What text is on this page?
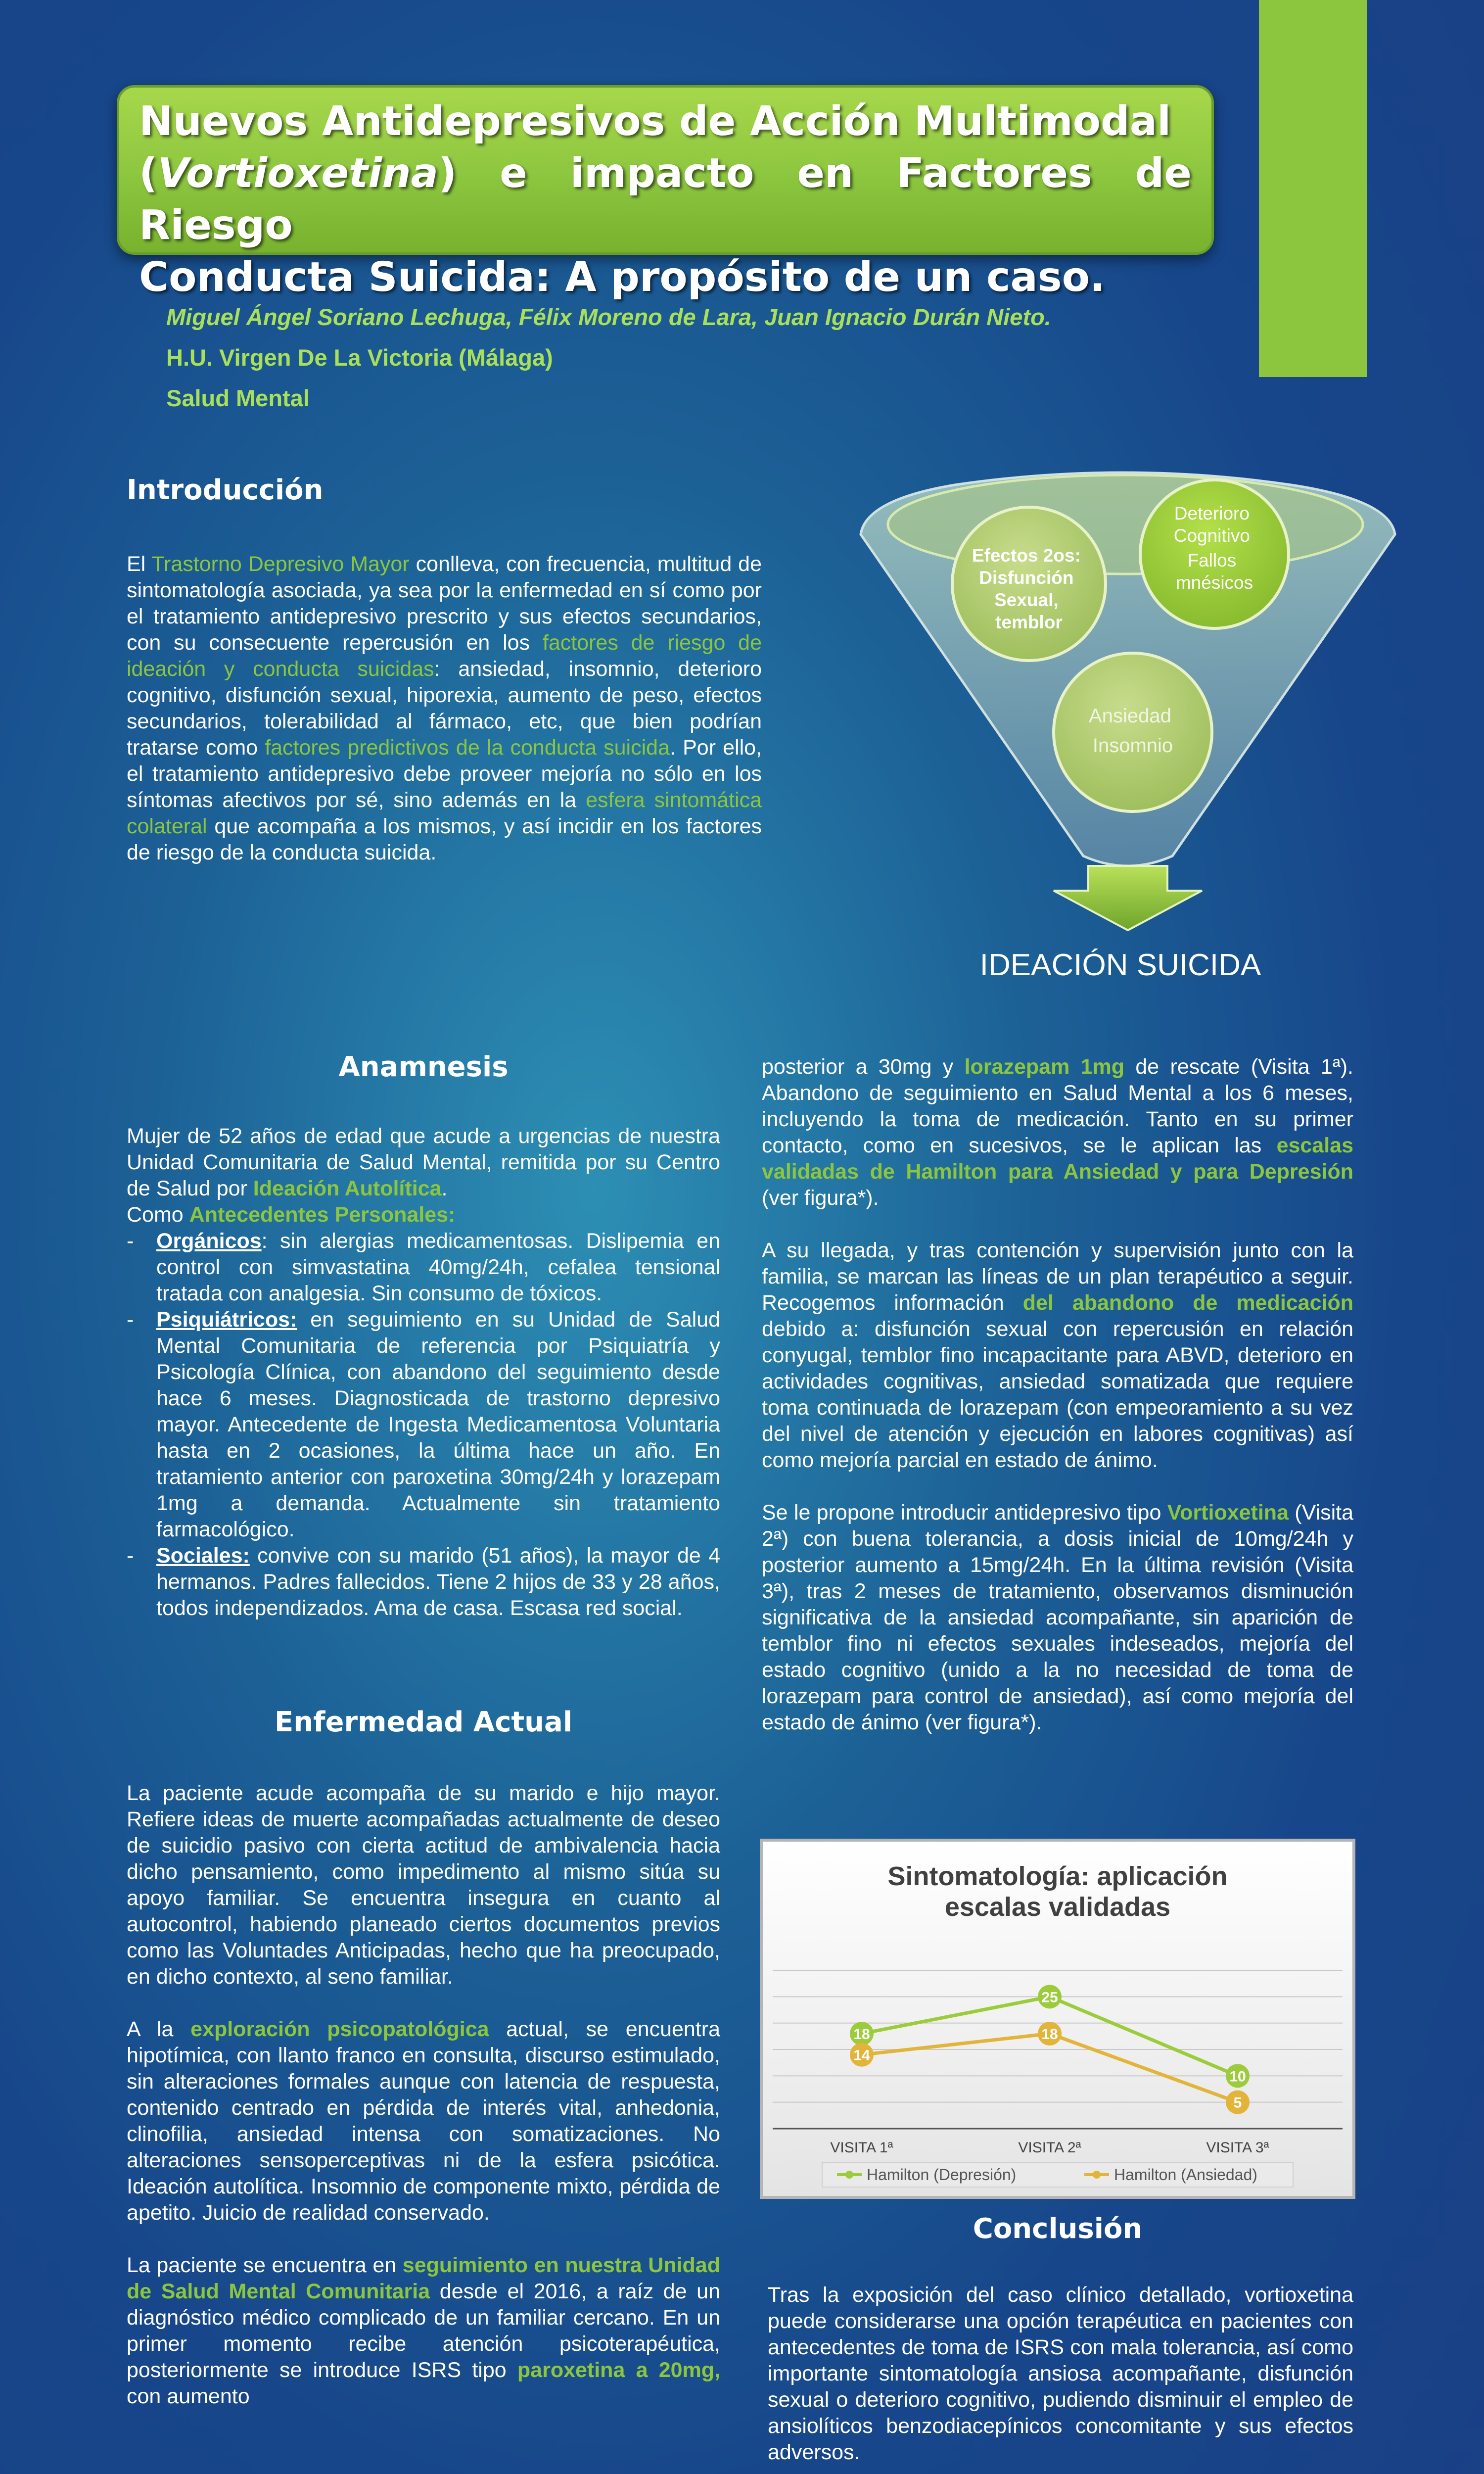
Nuevos Antidepresivos de Acción Multimodal
(Vortioxetina) e impacto en Factores de Riesgo
Conducta Suicida: A propósito de un caso.
Miguel Ángel Soriano Lechuga, Félix Moreno de Lara, Juan Ignacio Durán Nieto.
H.U. Virgen De La Victoria (Málaga)
Salud Mental
Introducción
El Trastorno Depresivo Mayor conlleva, con frecuencia, multitud de sintomatología asociada, ya sea por la enfermedad en sí como por el tratamiento antidepresivo prescrito y sus efectos secundarios, con su consecuente repercusión en los factores de riesgo de ideación y conducta suicidas: ansiedad, insomnio, deterioro cognitivo, disfunción sexual, hiporexia, aumento de peso, efectos secundarios, tolerabilidad al fármaco, etc, que bien podrían tratarse como factores predictivos de la conducta suicida. Por ello, el tratamiento antidepresivo debe proveer mejoría no sólo en los síntomas afectivos por sé, sino además en la esfera sintomática colateral que acompaña a los mismos, y así incidir en los factores de riesgo de la conducta suicida.
Efectos 2os: Disfunción Sexual, temblor
Deterioro Cognitivo Fallos mnésicos
Ansiedad Insomnio
IDEACIÓN SUICIDA
Anamnesis

Mujer de 52 años de edad que acude a urgencias de nuestra Unidad Comunitaria de Salud Mental, remitida por su Centro de Salud por Ideación Autolítica.

Como Antecedentes Personales:

- Orgánicos: sin alergias medicamentosas. Dislipemia en control con simvastatina 40mg/24h, cefalea tensional tratada con analgesia. Sin consumo de tóxicos.
- Psiquiátricos: en seguimiento en su Unidad de Salud Mental Comunitaria de referencia por Psiquiatría y Psicología Clínica, con abandono del seguimiento desde hace 6 meses. Diagnosticada de trastorno depresivo mayor. Antecedente de Ingesta Medicamentosa Voluntaria hasta en 2 ocasiones, la última hace un año. En tratamiento anterior con paroxetina 30mg/24h y lorazepam 1mg a demanda. Actualmente sin tratamiento farmacológico.
- Sociales: convive con su marido (51 años), la mayor de 4 hermanos. Padres fallecidos. Tiene 2 hijos de 33 y 28 años, todos independizados. Ama de casa. Escasa red social.
Enfermedad Actual

La paciente acude acompaña de su marido e hijo mayor. Refiere ideas de muerte acompañadas actualmente de deseo de suicidio pasivo con cierta actitud de ambivalencia hacia dicho pensamiento, como impedimento al mismo sitúa su apoyo familiar. Se encuentra insegura en cuanto al autocontrol, habiendo planeado ciertos documentos previos como las Voluntades Anticipadas, hecho que ha preocupado, en dicho contexto, al seno familiar.

A la exploración psicopatológica actual, se encuentra hipotímica, con llanto franco en consulta, discurso estimulado, sin alteraciones formales aunque con latencia de respuesta, contenido centrado en pérdida de interés vital, anhedonia, clinofilia, ansiedad intensa con somatizaciones. No alteraciones sensoperceptivas ni de la esfera psicótica. Ideación autolítica. Insomnio de componente mixto, pérdida de apetito. Juicio de realidad conservado.

La paciente se encuentra en seguimiento en nuestra Unidad de Salud Mental Comunitaria desde el 2016, a raíz de un diagnóstico médico complicado de un familiar cercano. En un primer momento recibe atención psicoterapéutica, posteriormente se introduce ISRS tipo paroxetina a 20mg, con aumento

posterior a 30mg y lorazepam 1mg de rescate (Visita 1ª). Abandono de seguimiento en Salud Mental a los 6 meses, incluyendo la toma de medicación. Tanto en su primer contacto, como en sucesivos, se le aplican las escalas validadas de Hamilton para Ansiedad y para Depresión (ver figura*).

A su llegada, y tras contención y supervisión junto con la familia, se marcan las líneas de un plan terapéutico a seguir. Recogemos información del abandono de medicación debido a: disfunción sexual con repercusión en relación conyugal, temblor fino incapacitante para ABVD, deterioro en actividades cognitivas, ansiedad somatizada que requiere toma continuada de lorazepam (con empeoramiento a su vez del nivel de atención y ejecución en labores cognitivas) así como mejoría parcial en estado de ánimo.

Se le propone introducir antidepresivo tipo Vortioxetina (Visita 2ª) con buena tolerancia, a dosis inicial de 10mg/24h y posterior aumento a 15mg/24h. En la última revisión (Visita 3ª), tras 2 meses de tratamiento, observamos disminución significativa de la ansiedad acompañante, sin aparición de temblor fino ni efectos sexuales indeseados, mejoría del estado cognitivo (unido a la no necesidad de toma de lorazepam para control de ansiedad), así como mejoría del estado de ánimo (ver figura*).

Sintomatología: aplicación
escalas validadas
VISITA 1ª	VISITA 2ª	VISITA 3ª
18
25
10
14
18
5
Hamilton (Depresión)	Hamilton (Ansiedad)
Conclusión
Tras la exposición del caso clínico detallado, vortioxetina puede considerarse una opción terapéutica en pacientes con antecedentes de toma de ISRS con mala tolerancia, así como importante sintomatología ansiosa acompañante, disfunción sexual o deterioro cognitivo, pudiendo disminuir el empleo de ansiolíticos benzodiacepínicos concomitante y sus efectos adversos.
